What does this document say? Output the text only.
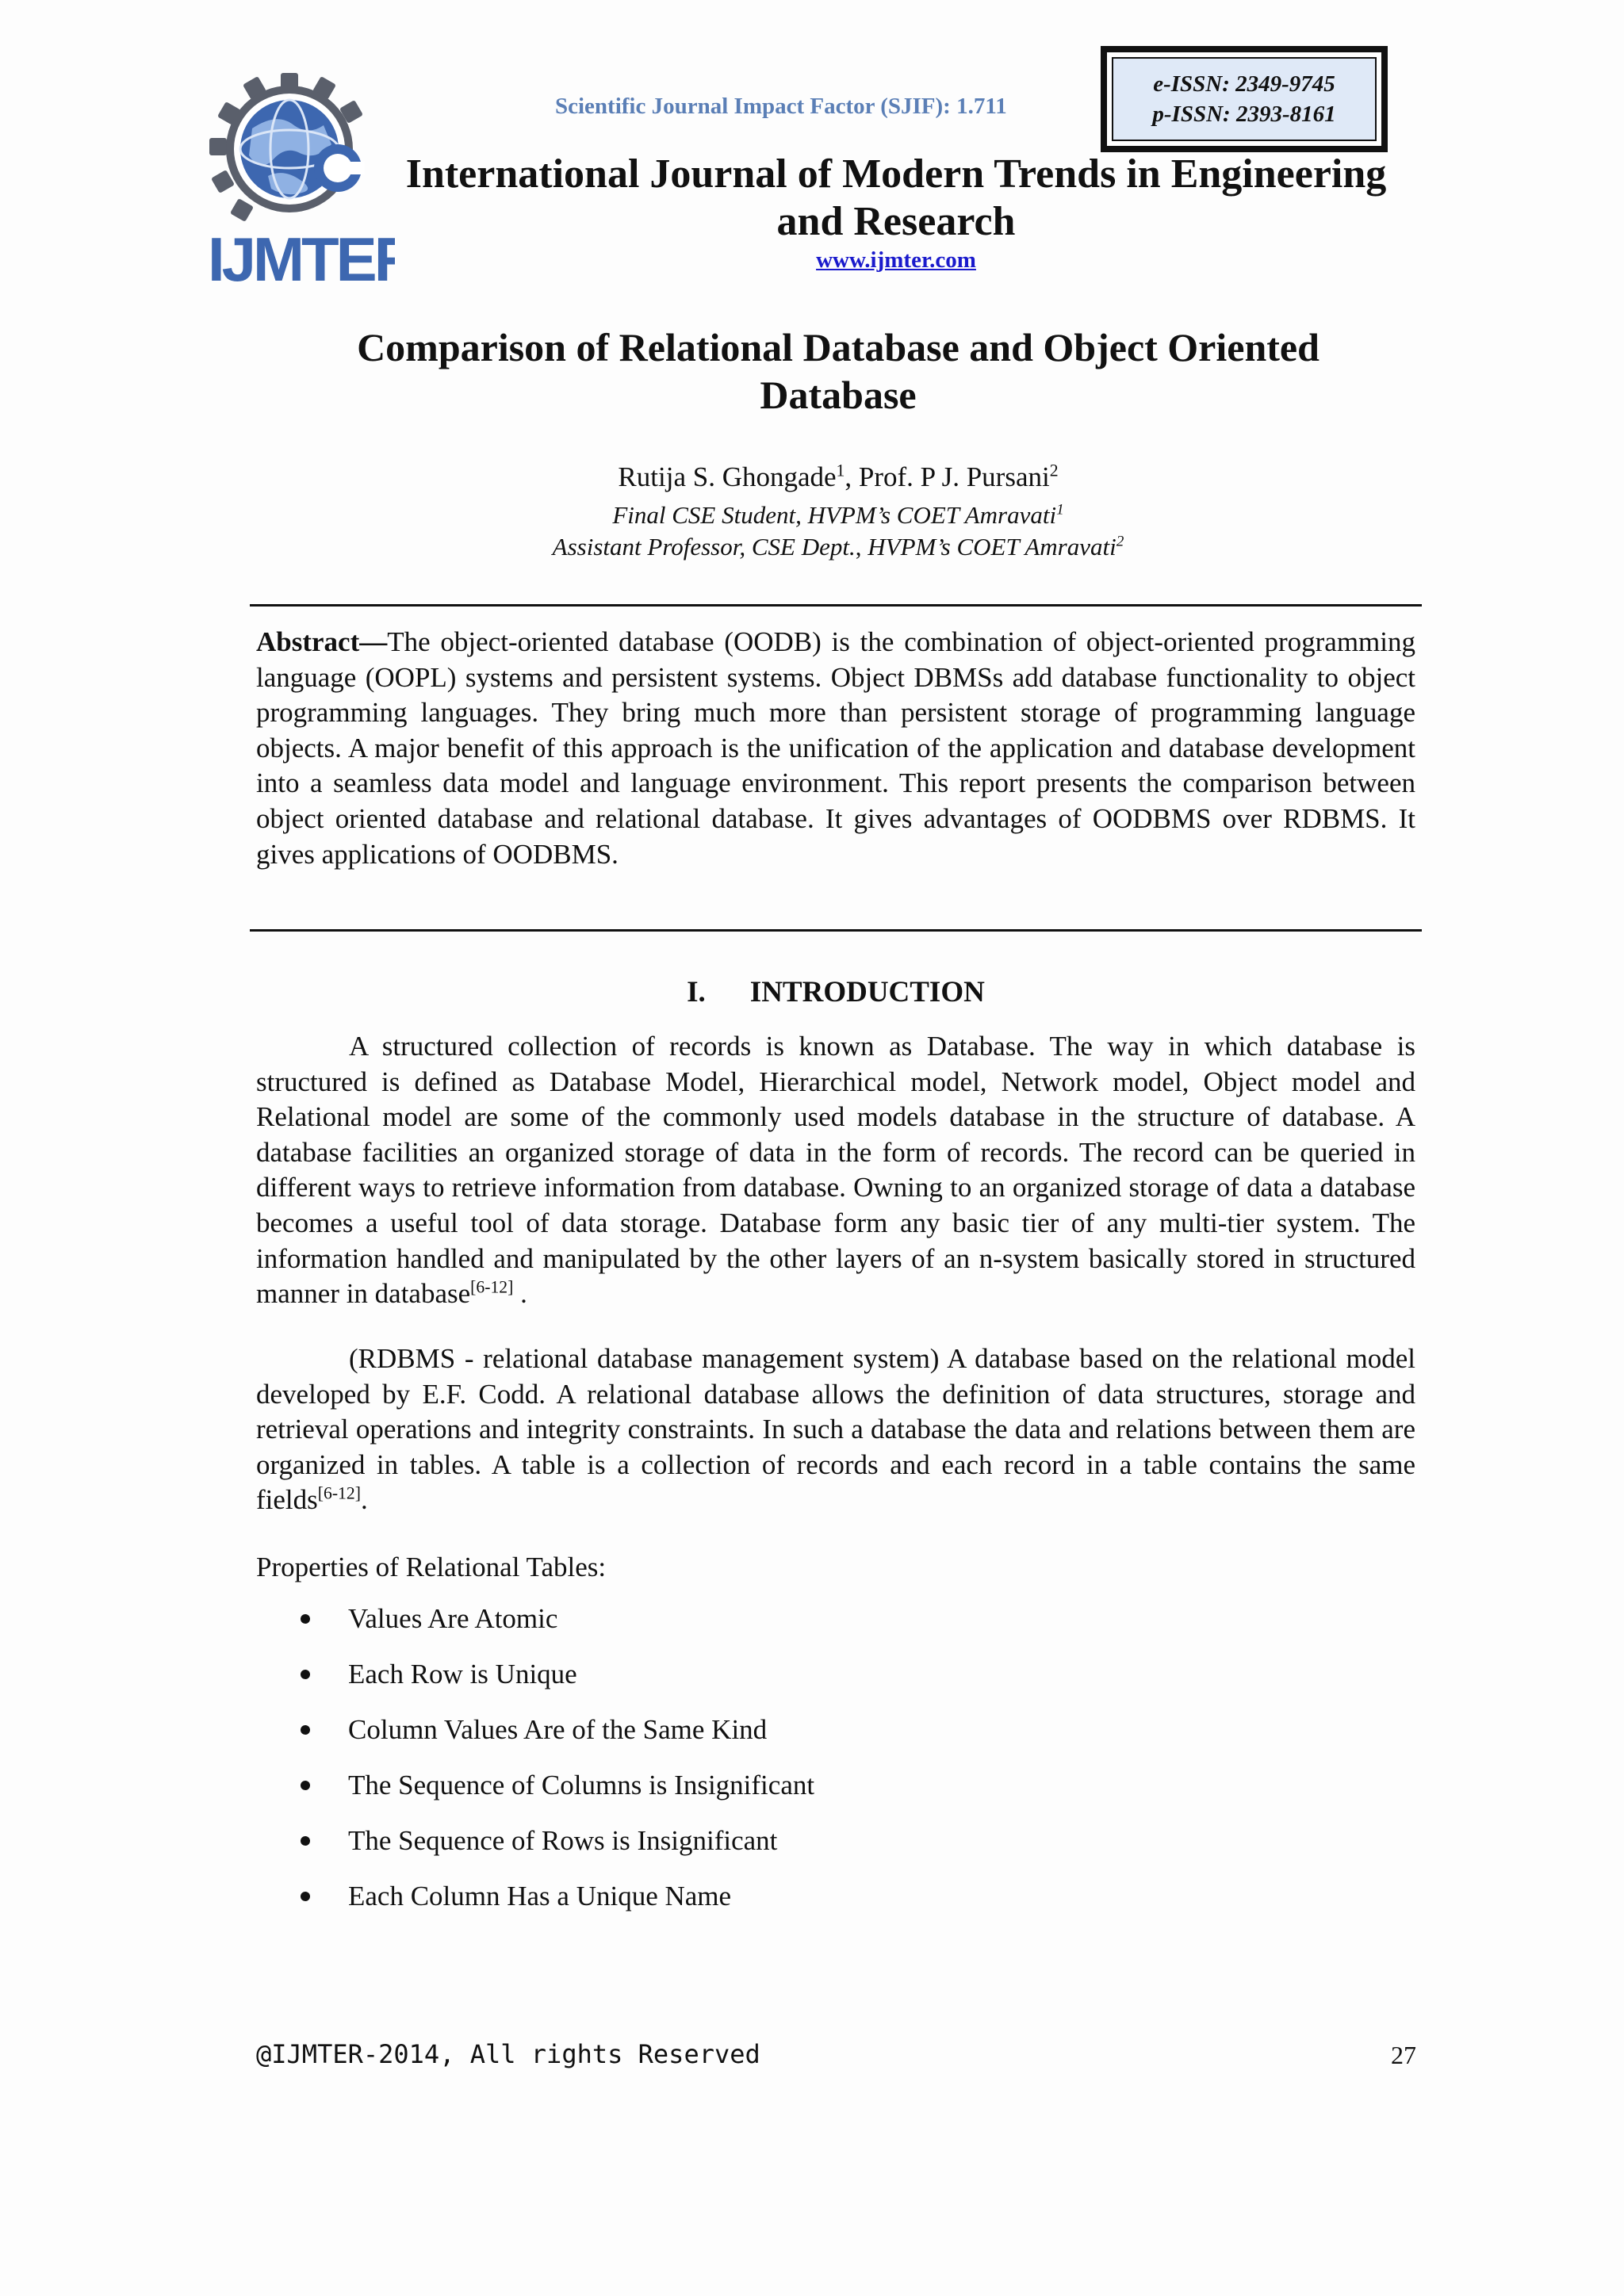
IJMTER
Scientific Journal Impact Factor (SJIF): 1.711
e-ISSN: 2349-9745
p-ISSN: 2393-8161
International Journal of Modern Trends in Engineering
and Research
www.ijmter.com
Comparison of Relational Database and Object Oriented
Database
Rutija S. Ghongade$^1$, Prof. P J. Pursani$^2$
Final CSE Student, HVPM’s COET Amravati$^1$
Assistant Professor, CSE Dept., HVPM’s COET Amravati$^2$
Abstract—The object-oriented database (OODB) is the combination of object-oriented programming language (OOPL) systems and persistent systems. Object DBMSs add database functionality to object programming languages. They bring much more than persistent storage of programming language objects. A major benefit of this approach is the unification of the application and database development into a seamless data model and language environment. This report presents the comparison between object oriented database and relational database. It gives advantages of OODBMS over RDBMS. It gives applications of OODBMS.
I. INTRODUCTION
A structured collection of records is known as Database. The way in which database is structured is defined as Database Model, Hierarchical model, Network model, Object model and Relational model are some of the commonly used models database in the structure of database. A database facilities an organized storage of data in the form of records. The record can be queried in different ways to retrieve information from database. Owning to an organized storage of data a database becomes a useful tool of data storage. Database form any basic tier of any multi-tier system. The information handled and manipulated by the other layers of an n-system basically stored in structured manner in database[6-12] .
(RDBMS - relational database management system) A database based on the relational model developed by E.F. Codd. A relational database allows the definition of data structures, storage and retrieval operations and integrity constraints. In such a database the data and relations between them are organized in tables. A table is a collection of records and each record in a table contains the same fields[6-12].
Properties of Relational Tables:
Values Are Atomic
Each Row is Unique
Column Values Are of the Same Kind
The Sequence of Columns is Insignificant
The Sequence of Rows is Insignificant
Each Column Has a Unique Name
@IJMTER-2014, All rights Reserved	27
